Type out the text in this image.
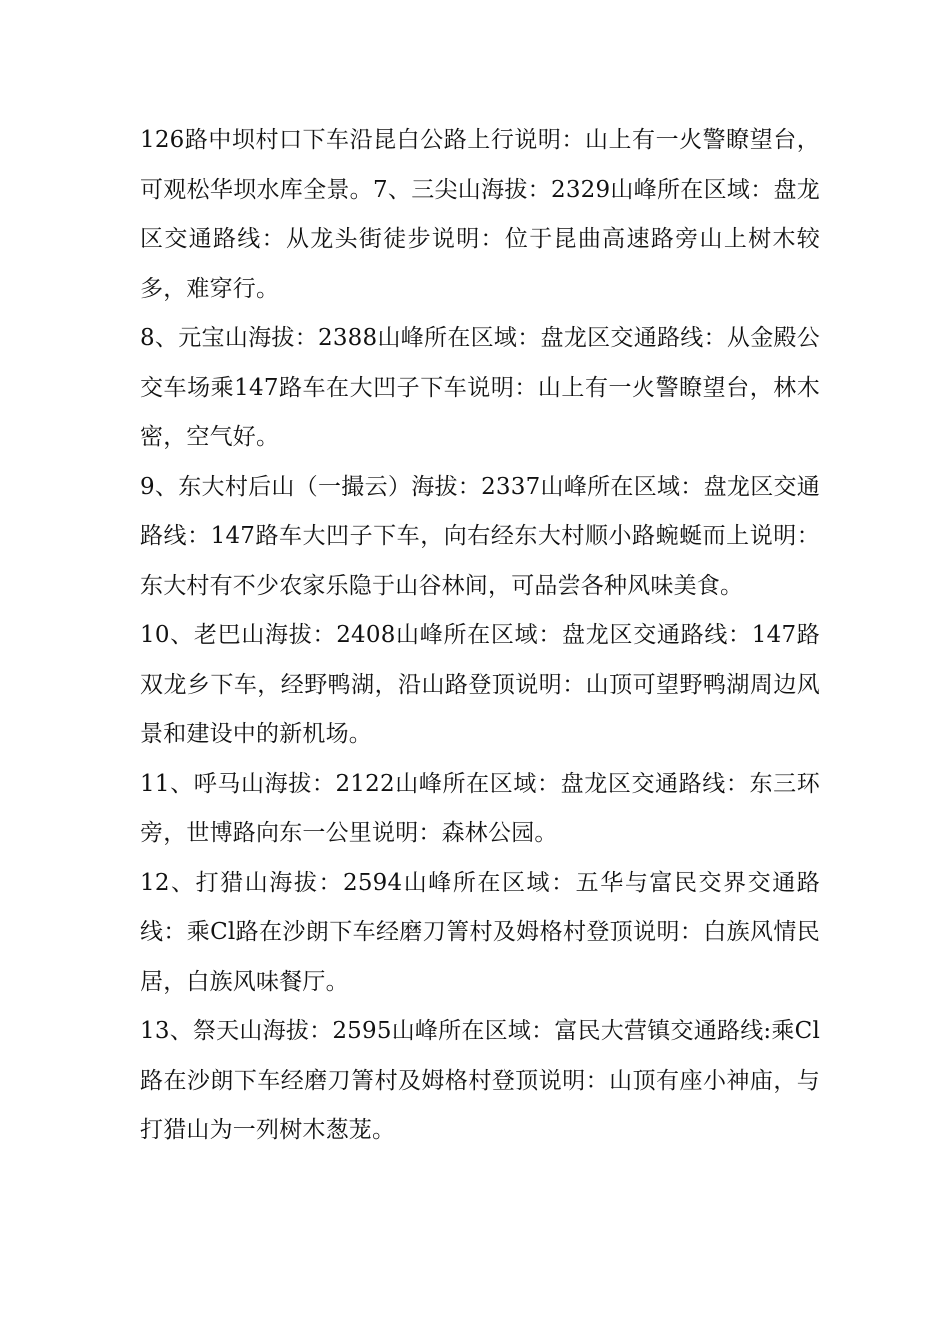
126路中坝村口下车沿昆白公路上行说明：山上有一火警瞭望台，可观松华坝水库全景。7、三尖山海拔：2329山峰所在区域：盘龙区交通路线：从龙头街徒步说明：位于昆曲高速路旁山上树木较多，难穿行。

8、元宝山海拔：2388山峰所在区域：盘龙区交通路线：从金殿公交车场乘147路车在大凹子下车说明：山上有一火警瞭望台，林木密，空气好。

9、东大村后山（一撮云）海拔：2337山峰所在区域：盘龙区交通路线：147路车大凹子下车，向右经东大村顺小路蜿蜒而上说明：东大村有不少农家乐隐于山谷林间，可品尝各种风味美食。

10、老巴山海拔：2408山峰所在区域：盘龙区交通路线：147路双龙乡下车，经野鸭湖，沿山路登顶说明：山顶可望野鸭湖周边风景和建设中的新机场。

11、呼马山海拔：2122山峰所在区域：盘龙区交通路线：东三环旁，世博路向东一公里说明：森林公园。

12、打猎山海拔：2594山峰所在区域：五华与富民交界交通路线：乘Cl路在沙朗下车经磨刀箐村及姆格村登顶说明：白族风情民居，白族风味餐厅。

13、祭天山海拔：2595山峰所在区域：富民大营镇交通路线:乘Cl路在沙朗下车经磨刀箐村及姆格村登顶说明：山顶有座小神庙，与打猎山为一列树木葱茏。
